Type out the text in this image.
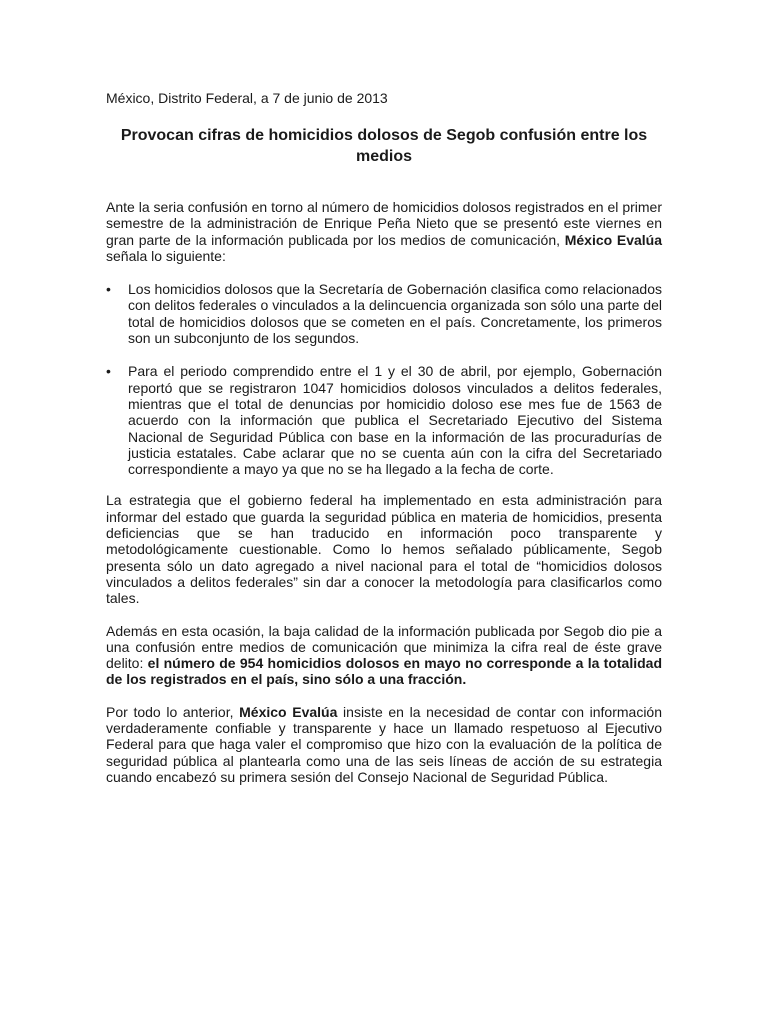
México, Distrito Federal, a 7 de junio de 2013

Provocan cifras de homicidios dolosos de Segob confusión entre los medios

Ante la seria confusión en torno al número de homicidios dolosos registrados en el primer semestre de la administración de Enrique Peña Nieto que se presentó este viernes en gran parte de la información publicada por los medios de comunicación, México Evalúa señala lo siguiente:

• Los homicidios dolosos que la Secretaría de Gobernación clasifica como relacionados con delitos federales o vinculados a la delincuencia organizada son sólo una parte del total de homicidios dolosos que se cometen en el país. Concretamente, los primeros son un subconjunto de los segundos.
• Para el periodo comprendido entre el 1 y el 30 de abril, por ejemplo, Gobernación reportó que se registraron 1047 homicidios dolosos vinculados a delitos federales, mientras que el total de denuncias por homicidio doloso ese mes fue de 1563 de acuerdo con la información que publica el Secretariado Ejecutivo del Sistema Nacional de Seguridad Pública con base en la información de las procuradurías de justicia estatales. Cabe aclarar que no se cuenta aún con la cifra del Secretariado correspondiente a mayo ya que no se ha llegado a la fecha de corte.

La estrategia que el gobierno federal ha implementado en esta administración para informar del estado que guarda la seguridad pública en materia de homicidios, presenta deficiencias que se han traducido en información poco transparente y metodológicamente cuestionable. Como lo hemos señalado públicamente, Segob presenta sólo un dato agregado a nivel nacional para el total de “homicidios dolosos vinculados a delitos federales” sin dar a conocer la metodología para clasificarlos como tales.

Además en esta ocasión, la baja calidad de la información publicada por Segob dio pie a una confusión entre medios de comunicación que minimiza la cifra real de éste grave delito: el número de 954 homicidios dolosos en mayo no corresponde a la totalidad de los registrados en el país, sino sólo a una fracción.

Por todo lo anterior, México Evalúa insiste en la necesidad de contar con información verdaderamente confiable y transparente y hace un llamado respetuoso al Ejecutivo Federal para que haga valer el compromiso que hizo con la evaluación de la política de seguridad pública al plantearla como una de las seis líneas de acción de su estrategia cuando encabezó su primera sesión del Consejo Nacional de Seguridad Pública.
